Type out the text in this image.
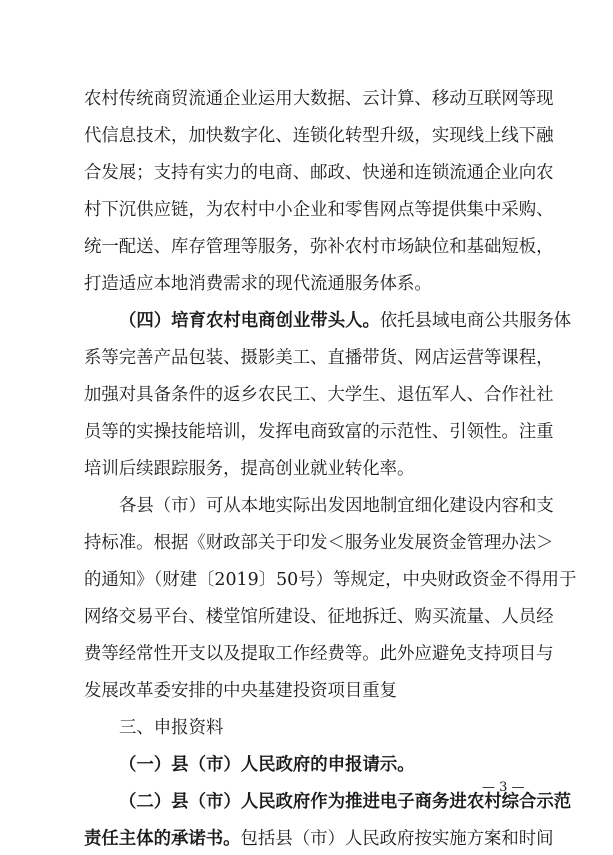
农村传统商贸流通企业运用大数据、云计算、移动互联网等现
代信息技术，加快数字化、连锁化转型升级，实现线上线下融
合发展；支持有实力的电商、邮政、快递和连锁流通企业向农
村下沉供应链，为农村中小企业和零售网点等提供集中采购、
统一配送、库存管理等服务，弥补农村市场缺位和基础短板，
打造适应本地消费需求的现代流通服务体系。
（四）培育农村电商创业带头人。依托县域电商公共服务体
系等完善产品包装、摄影美工、直播带货、网店运营等课程，
加强对具备条件的返乡农民工、大学生、退伍军人、合作社社
员等的实操技能培训，发挥电商致富的示范性、引领性。注重
培训后续跟踪服务，提高创业就业转化率。
各县（市）可从本地实际出发因地制宜细化建设内容和支
持标准。根据《财政部关于印发＜服务业发展资金管理办法＞
的通知》（财建〔2019〕50号）等规定，中央财政资金不得用于
网络交易平台、楼堂馆所建设、征地拆迁、购买流量、人员经
费等经常性开支以及提取工作经费等。此外应避免支持项目与
发展改革委安排的中央基建投资项目重复
三、申报资料
（一）县（市）人民政府的申报请示。
（二）县（市）人民政府作为推进电子商务进农村综合示范
责任主体的承诺书。包括县（市）人民政府按实施方案和时间
— 3 —
